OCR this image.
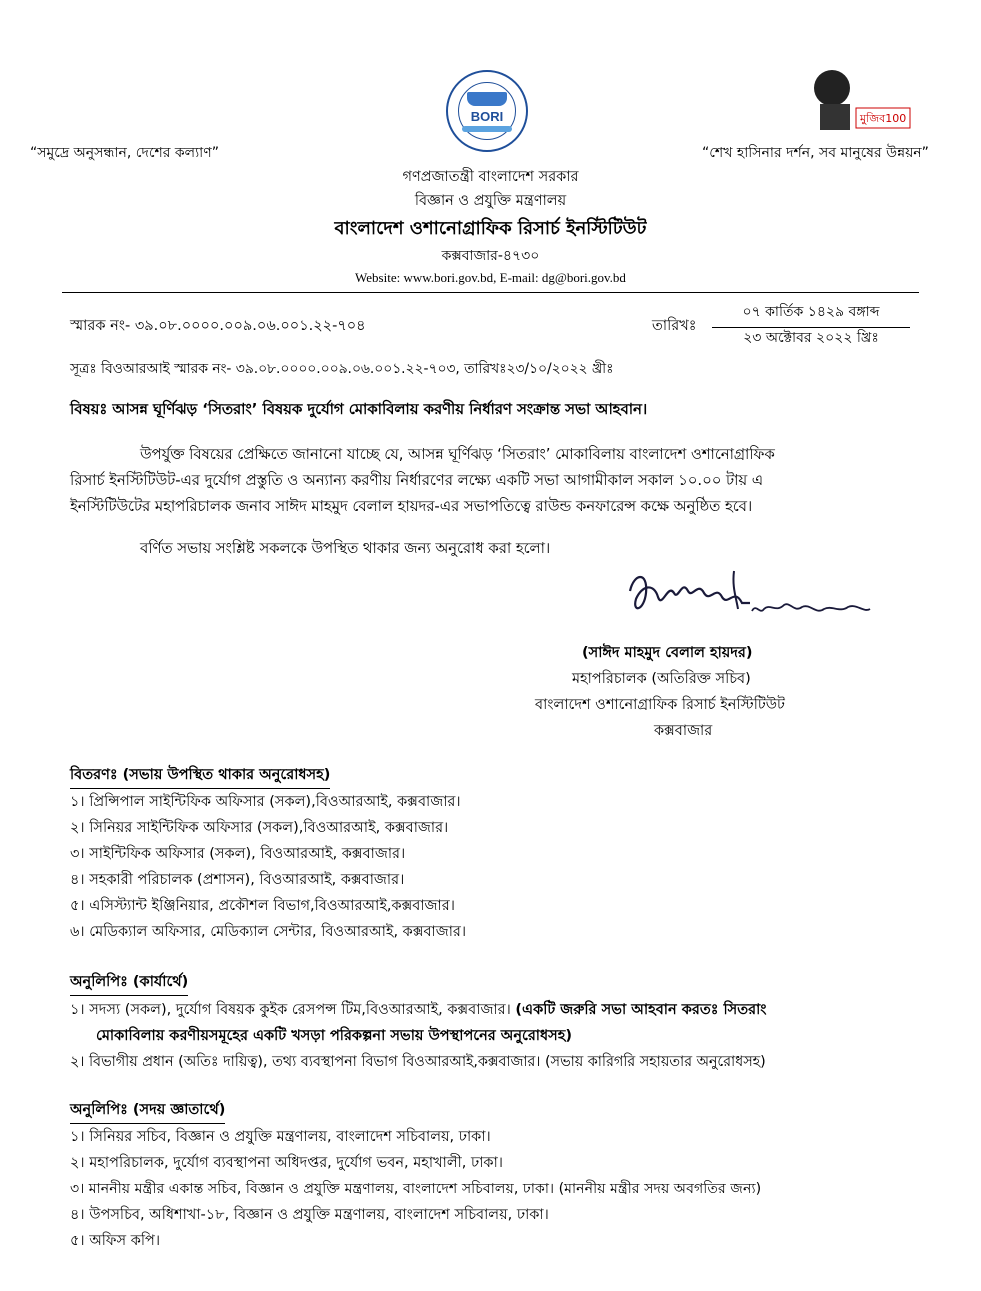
BORI	মুজিব100
“সমুদ্রে অনুসন্ধান, দেশের কল্যাণ”	“শেখ হাসিনার দর্শন, সব মানুষের উন্নয়ন”
গণপ্রজাতন্ত্রী বাংলাদেশ সরকার
বিজ্ঞান ও প্রযুক্তি মন্ত্রণালয়
বাংলাদেশ ওশানোগ্রাফিক রিসার্চ ইনস্টিটিউট
কক্সবাজার-৪৭৩০
Website: www.bori.gov.bd, E-mail: dg@bori.gov.bd
স্মারক নং- ৩৯.০৮.০০০০.০০৯.০৬.০০১.২২-৭০৪	তারিখঃ
০৭ কার্তিক ১৪২৯ বঙ্গাব্দ
২৩ অক্টোবর ২০২২ খ্রিঃ
সূত্রঃ বিওআরআই স্মারক নং- ৩৯.০৮.০০০০.০০৯.০৬.০০১.২২-৭০৩, তারিখঃ২৩/১০/২০২২ খ্রীঃ
বিষয়ঃ আসন্ন ঘূর্ণিঝড় ‘সিতরাং’ বিষয়ক দুর্যোগ মোকাবিলায় করণীয় নির্ধারণ সংক্রান্ত সভা আহবান।
উপর্যুক্ত বিষয়ের প্রেক্ষিতে জানানো যাচ্ছে যে, আসন্ন ঘূর্ণিঝড় ‘সিতরাং’ মোকাবিলায় বাংলাদেশ ওশানোগ্রাফিক
রিসার্চ ইনস্টিটিউট-এর দুর্যোগ প্রস্তুতি ও অন্যান্য করণীয় নির্ধারণের লক্ষ্যে একটি সভা আগামীকাল সকাল ১০.০০ টায় এ
ইনস্টিটিউটের মহাপরিচালক জনাব সাঈদ মাহমুদ বেলাল হায়দর-এর সভাপতিত্বে রাউন্ড কনফারেন্স কক্ষে অনুষ্ঠিত হবে।
বর্ণিত সভায় সংশ্লিষ্ট সকলকে উপস্থিত থাকার জন্য অনুরোধ করা হলো।
(সাঈদ মাহমুদ বেলাল হায়দর)
মহাপরিচালক (অতিরিক্ত সচিব)
বাংলাদেশ ওশানোগ্রাফিক রিসার্চ ইনস্টিটিউট
কক্সবাজার
বিতরণঃ (সভায় উপস্থিত থাকার অনুরোধসহ)
১। প্রিন্সিপাল সাইন্টিফিক অফিসার (সকল),বিওআরআই, কক্সবাজার।
২। সিনিয়র সাইন্টিফিক অফিসার (সকল),বিওআরআই, কক্সবাজার।
৩। সাইন্টিফিক অফিসার (সকল), বিওআরআই, কক্সবাজার।
৪। সহকারী পরিচালক (প্রশাসন), বিওআরআই, কক্সবাজার।
৫। এসিস্ট্যান্ট ইঞ্জিনিয়ার, প্রকৌশল বিভাগ,বিওআরআই,কক্সবাজার।
৬। মেডিক্যাল অফিসার, মেডিক্যাল সেন্টার, বিওআরআই, কক্সবাজার।
অনুলিপিঃ (কার্যার্থে)
১। সদস্য (সকল), দুর্যোগ বিষয়ক কুইক রেসপন্স টিম,বিওআরআই, কক্সবাজার। (একটি জরুরি সভা আহবান করতঃ সিতরাং
মোকাবিলায় করণীয়সমূহের একটি খসড়া পরিকল্পনা সভায় উপস্থাপনের অনুরোধসহ)
২। বিভাগীয় প্রধান (অতিঃ দায়িত্ব), তথ্য ব্যবস্থাপনা বিভাগ বিওআরআই,কক্সবাজার। (সভায় কারিগরি সহায়তার অনুরোধসহ)
অনুলিপিঃ (সদয় জ্ঞাতার্থে)
১। সিনিয়র সচিব, বিজ্ঞান ও প্রযুক্তি মন্ত্রণালয়, বাংলাদেশ সচিবালয়, ঢাকা।
২। মহাপরিচালক, দুর্যোগ ব্যবস্থাপনা অধিদপ্তর, দুর্যোগ ভবন, মহাখালী, ঢাকা।
৩। মাননীয় মন্ত্রীর একান্ত সচিব, বিজ্ঞান ও প্রযুক্তি মন্ত্রণালয়, বাংলাদেশ সচিবালয়, ঢাকা। (মাননীয় মন্ত্রীর সদয় অবগতির জন্য)
৪। উপসচিব, অধিশাখা-১৮, বিজ্ঞান ও প্রযুক্তি মন্ত্রণালয়, বাংলাদেশ সচিবালয়, ঢাকা।
৫। অফিস কপি।
